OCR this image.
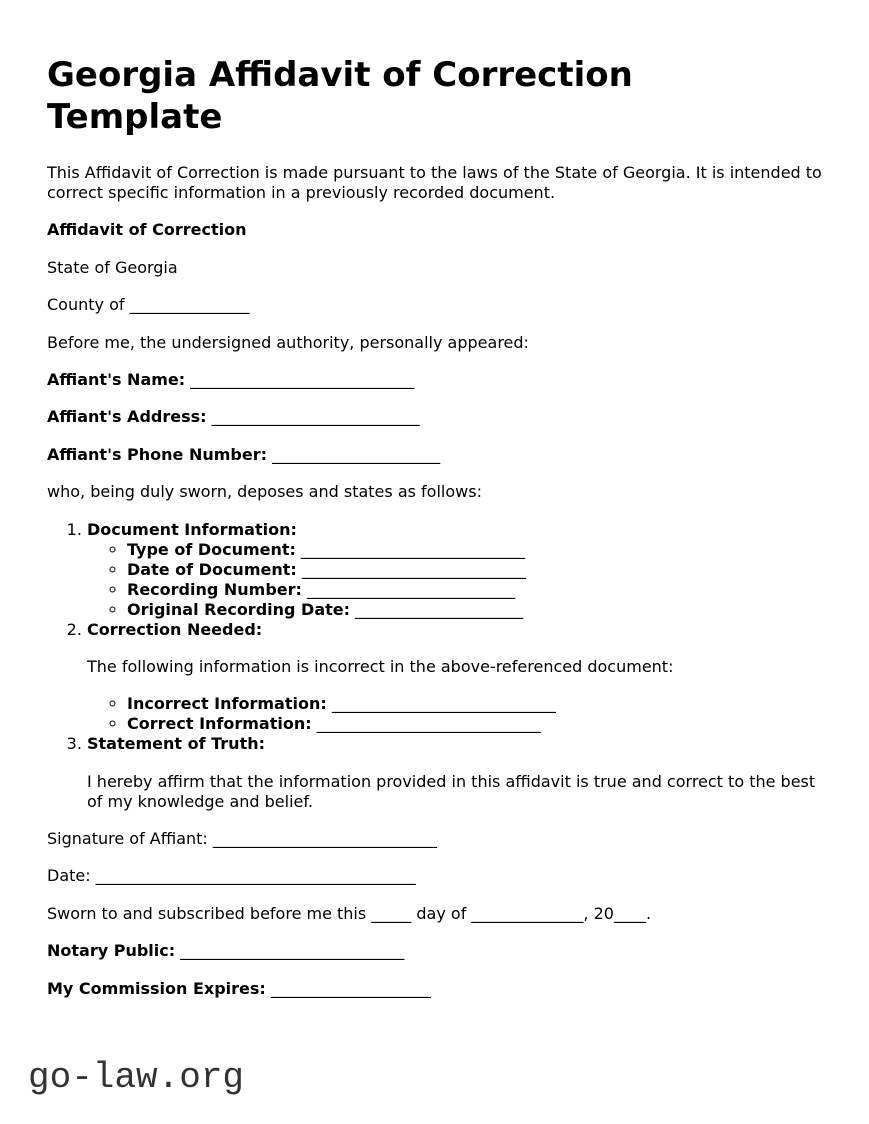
Georgia Affidavit of Correction Template

This Affidavit of Correction is made pursuant to the laws of the State of Georgia. It is intended to correct specific information in a previously recorded document.

Affidavit of Correction

State of Georgia

County of _______________

Before me, the undersigned authority, personally appeared:

Affiant's Name: ____________________________

Affiant's Address: __________________________

Affiant's Phone Number: _____________________

who, being duly sworn, deposes and states as follows:

1. Document Information:
◦ Type of Document: ____________________________
◦ Date of Document: ____________________________
◦ Recording Number: __________________________
◦ Original Recording Date: _____________________
2. Correction Needed:

The following information is incorrect in the above-referenced document:

◦ Incorrect Information: ____________________________
◦ Correct Information: ____________________________
3. Statement of Truth:

I hereby affirm that the information provided in this affidavit is true and correct to the best of my knowledge and belief.

Signature of Affiant: ____________________________

Date: ________________________________________

Sworn to and subscribed before me this _____ day of ______________, 20____.

Notary Public: ____________________________

My Commission Expires: ____________________

go-law.org
